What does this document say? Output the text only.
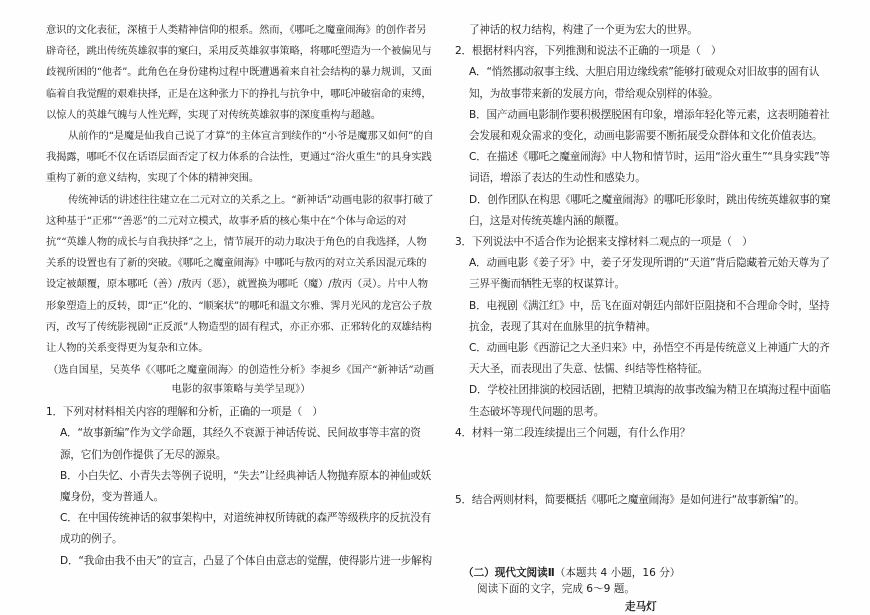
意识的文化表征，深植于人类精神信仰的根系。然而，《哪吒之魔童闹海》的创作者另辟奇径，跳出传统英雄叙事的窠臼，采用反英雄叙事策略，将哪吒塑造为一个被偏见与歧视所困的“他者”。此角色在身份建构过程中既遭遇着来自社会结构的暴力规训，又面临着自我觉醒的艰难抉择，正是在这种张力下的挣扎与抗争中，哪吒冲破宿命的束缚，以惊人的英雄气魄与人性光辉，实现了对传统英雄叙事的深度重构与超越。

从前作的“是魔是仙我自己说了才算”的主体宣言到续作的“小爷是魔那又如何”的自我揭露，哪吒不仅在话语层面否定了权力体系的合法性，更通过“浴火重生”的具身实践重构了新的意义结构，实现了个体的精神突围。

传统神话的讲述往往建立在二元对立的关系之上。“新神话”动画电影的叙事打破了这种基于“正邪”“善恶”的二元对立模式，故事矛盾的核心集中在“个体与命运的对抗”“英雄人物的成长与自我抉择”之上，情节展开的动力取决于角色的自我选择，人物关系的设置也有了新的突破。《哪吒之魔童闹海》中哪吒与敖丙的对立关系因混元珠的设定被颠覆，原本哪吒（善）/敖丙（恶），就置换为哪吒（魔）/敖丙（灵）。片中人物形象塑造上的反转，即“正”化的、“顺案状”的哪吒和温文尔雅、霁月光风的龙宫公子敖丙，改写了传统影视剧“正反派”人物造型的固有程式，亦正亦邪、正邪转化的双雄结构让人物的关系变得更为复杂和立体。

（选自国星，吴英华《〈哪吒之魔童闹海〉的创造性分析》李昶乡《国产“新神话”动画电影的叙事策略与美学呈现》）

1．下列对材料相关内容的理解和分析，正确的一项是（　）

A．“故事新编”作为文学命题，其经久不衰源于神话传说、民间故事等丰富的资源，它们为创作提供了无尽的源泉。

B．小白失忆、小青失去等例子说明，“失去”让经典神话人物抛弃原本的神仙或妖魔身份，变为普通人。

C．在中国传统神话的叙事架构中，对道统神权所铸就的森严等级秩序的反抗没有成功的例子。

D．“我命由我不由天”的宣言，凸显了个体自由意志的觉醒，使得影片进一步解构

了神话的权力结构，构建了一个更为宏大的世界。

2．根据材料内容，下列推测和说法不正确的一项是（　）

A．“悄然挪动叙事主线、大胆启用边缘线索”能够打破观众对旧故事的固有认知，为故事带来新的发展方向，带给观众别样的体验。

B．国产动画电影制作要积极摆脱困有印象，增添年轻化等元素，这表明随着社会发展和观众需求的变化，动画电影需要不断拓展受众群体和文化价值表达。

C．在描述《哪吒之魔童闹海》中人物和情节时，运用“浴火重生”“具身实践”等词语，增添了表达的生动性和感染力。

D．创作团队在构思《哪吒之魔童闹海》的哪吒形象时，跳出传统英雄叙事的窠臼，这是对传统英雄内涵的颠覆。

3．下列说法中不适合作为论据来支撑材料二观点的一项是（　）

A．动画电影《姜子牙》中，姜子牙发现所谓的“天道”背后隐藏着元始天尊为了三界平衡而牺牲无辜的权谋算计。

B．电视剧《满江红》中，岳飞在面对朝廷内部奸臣阻挠和不合理命令时，坚持抗金，表现了其对在血脉里的抗争精神。

C．动画电影《西游记之大圣归来》中，孙悟空不再是传统意义上神通广大的齐天大圣，而表现出了失意、怯懦、纠结等性格特征。

D．学校社团排演的校园话剧，把精卫填海的故事改编为精卫在填海过程中面临生态破坏等现代问题的思考。

4．材料一第二段连续提出三个问题，有什么作用？

5．结合两则材料，简要概括《哪吒之魔童闹海》是如何进行“故事新编”的。

（二）现代文阅读Ⅱ（本题共 4 小题，16 分）

阅读下面的文字，完成 6～9 题。

走马灯
